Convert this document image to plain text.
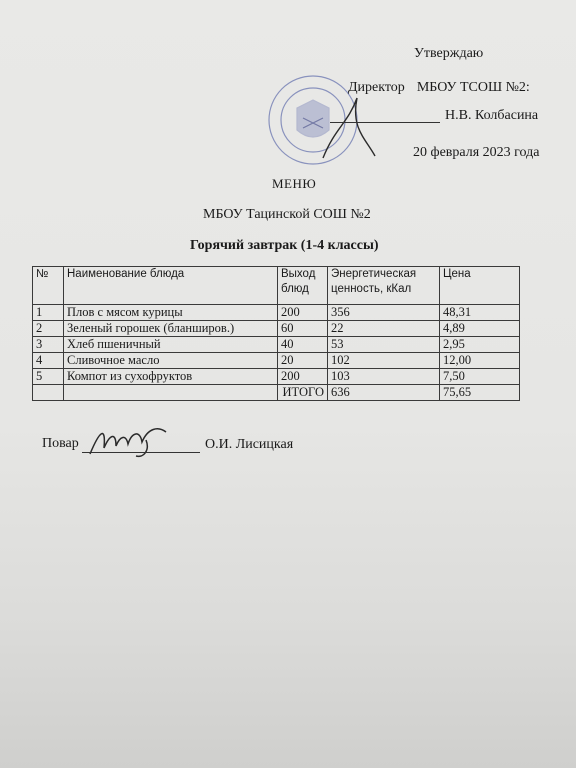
Утверждаю
Директор МБОУ ТСОШ №2:
Н.В. Колбасина
20 февраля 2023 года
МЕНЮ
МБОУ Тацинской СОШ №2
Горячий завтрак (1-4 классы)
№	Наименование блюда	Выход блюд	Энергетическая ценность, кКал	Цена
1	Плов с мясом курицы	200	356	48,31
2	Зеленый горошек (бланширов.)	60	22	4,89
3	Хлеб пшеничный	40	53	2,95
4	Сливочное масло	20	102	12,00
5	Компот из сухофруктов	200	103	7,50
		ИТОГО	636	75,65
Повар	О.И. Лисицкая
